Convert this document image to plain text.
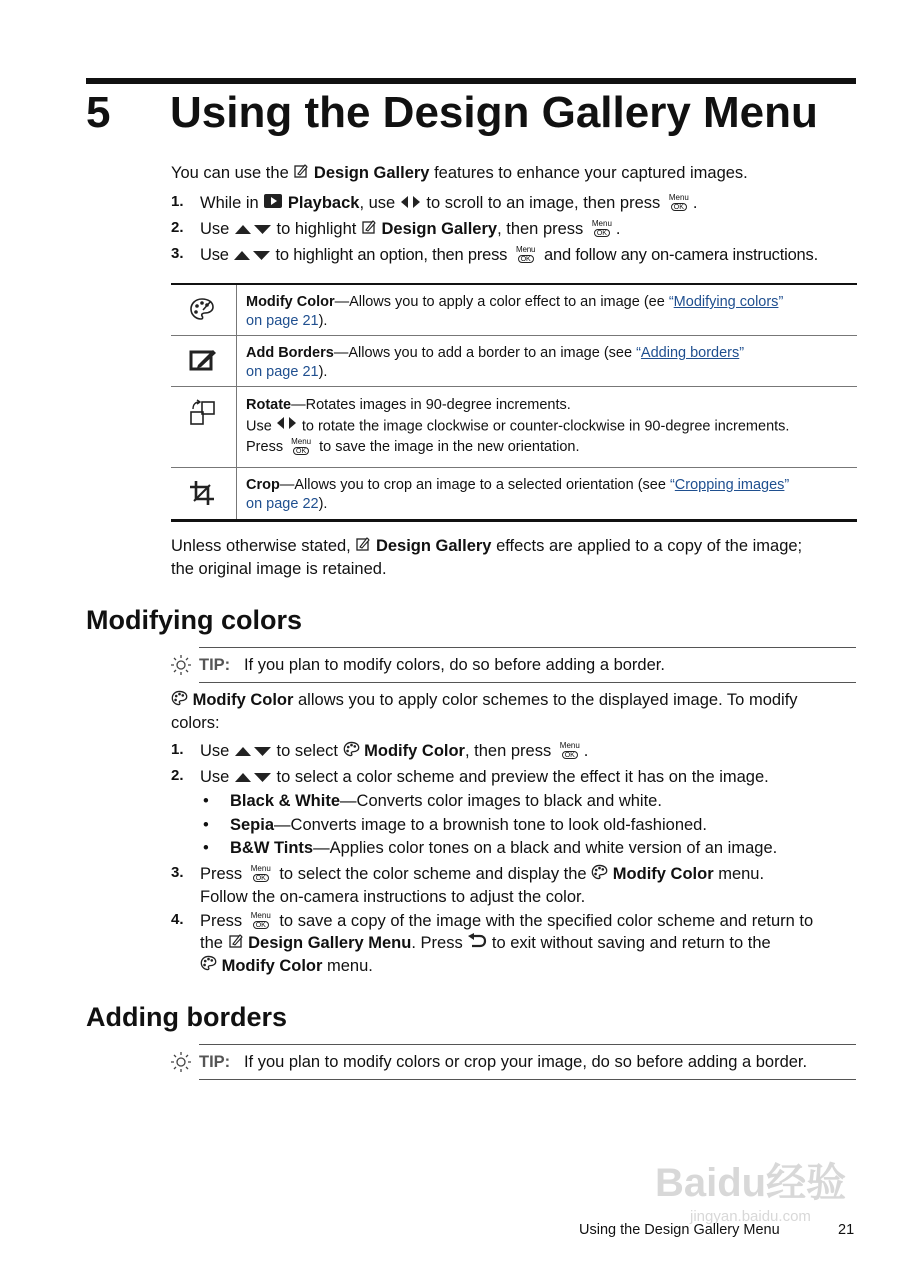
5 Using the Design Gallery Menu
You can use the  Design Gallery features to enhance your captured images.
1. While in  Playback, use  to scroll to an image, then press Menu
OK .
2. Use  to highlight  Design Gallery, then press Menu
OK .
3. Use  to highlight an option, then press Menu
OK and follow any on-camera instructions.
Modify Color—Allows you to apply a color effect to an image (ee “Modifying colors”
on page 21).
Add Borders—Allows you to add a border to an image (see “Adding borders”
on page 21).
Rotate—Rotates images in 90-degree increments.
Use  to rotate the image clockwise or counter-clockwise in 90-degree increments.
Press Menu
OK to save the image in the new orientation.
Crop—Allows you to crop an image to a selected orientation (see “Cropping images”
on page 22).
Unless otherwise stated,  Design Gallery effects are applied to a copy of the image;
the original image is retained.
Modifying colors
TIP: If you plan to modify colors, do so before adding a border.
Modify Color allows you to apply color schemes to the displayed image. To modify
colors:
1. Use  to select  Modify Color, then press Menu
OK .
2. Use  to select a color scheme and preview the effect it has on the image.
• Black & White—Converts color images to black and white.
• Sepia—Converts image to a brownish tone to look old-fashioned.
• B&W Tints—Applies color tones on a black and white version of an image.
3. Press Menu
OK to select the color scheme and display the  Modify Color menu.
Follow the on-camera instructions to adjust the color.
4. Press Menu
OK to save a copy of the image with the specified color scheme and return to
the  Design Gallery Menu. Press  to exit without saving and return to the
Modify Color menu.
Adding borders
TIP: If you plan to modify colors or crop your image, do so before adding a border.
Baidu经验
jingyan.baidu.com
Using the Design Gallery Menu	21
